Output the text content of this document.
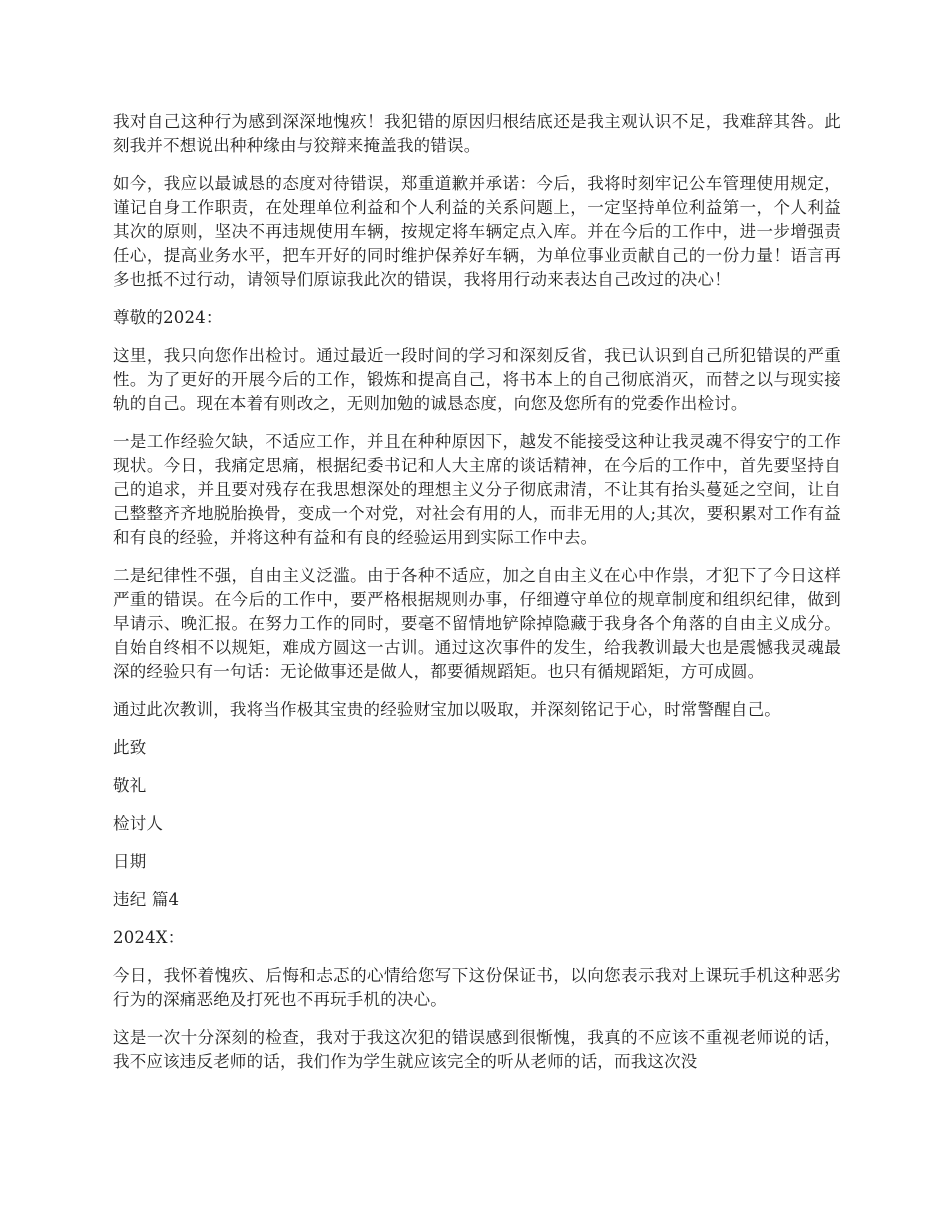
我对自己这种行为感到深深地愧疚！我犯错的原因归根结底还是我主观认识不足，我难辞其咎。此刻我并不想说出种种缘由与狡辩来掩盖我的错误。

如今，我应以最诚恳的态度对待错误，郑重道歉并承诺：今后，我将时刻牢记公车管理使用规定，谨记自身工作职责，在处理单位利益和个人利益的关系问题上，一定坚持单位利益第一，个人利益其次的原则，坚决不再违规使用车辆，按规定将车辆定点入库。并在今后的工作中，进一步增强责任心，提高业务水平，把车开好的同时维护保养好车辆，为单位事业贡献自己的一份力量！语言再多也抵不过行动，请领导们原谅我此次的错误，我将用行动来表达自己改过的决心！

尊敬的2024：

这里，我只向您作出检讨。通过最近一段时间的学习和深刻反省，我已认识到自己所犯错误的严重性。为了更好的开展今后的工作，锻炼和提高自己，将书本上的自己彻底消灭，而替之以与现实接轨的自己。现在本着有则改之，无则加勉的诚恳态度，向您及您所有的党委作出检讨。

一是工作经验欠缺，不适应工作，并且在种种原因下，越发不能接受这种让我灵魂不得安宁的工作现状。今日，我痛定思痛，根据纪委书记和人大主席的谈话精神，在今后的工作中，首先要坚持自己的追求，并且要对残存在我思想深处的理想主义分子彻底肃清，不让其有抬头蔓延之空间，让自己整整齐齐地脱胎换骨，变成一个对党，对社会有用的人，而非无用的人;其次，要积累对工作有益和有良的经验，并将这种有益和有良的经验运用到实际工作中去。

二是纪律性不强，自由主义泛滥。由于各种不适应，加之自由主义在心中作祟，才犯下了今日这样严重的错误。在今后的工作中，要严格根据规则办事，仔细遵守单位的规章制度和组织纪律，做到早请示、晚汇报。在努力工作的同时，要毫不留情地铲除掉隐藏于我身各个角落的自由主义成分。自始自终相不以规矩，难成方圆这一古训。通过这次事件的发生，给我教训最大也是震憾我灵魂最深的经验只有一句话：无论做事还是做人，都要循规蹈矩。也只有循规蹈矩，方可成圆。

通过此次教训，我将当作极其宝贵的经验财宝加以吸取，并深刻铭记于心，时常警醒自己。

此致

敬礼

检讨人

日期

违纪 篇4

2024X：

今日，我怀着愧疚、后悔和忐忑的心情给您写下这份保证书，以向您表示我对上课玩手机这种恶劣行为的深痛恶绝及打死也不再玩手机的决心。

这是一次十分深刻的检查，我对于我这次犯的错误感到很惭愧，我真的不应该不重视老师说的话，我不应该违反老师的话，我们作为学生就应该完全的听从老师的话，而我这次没
